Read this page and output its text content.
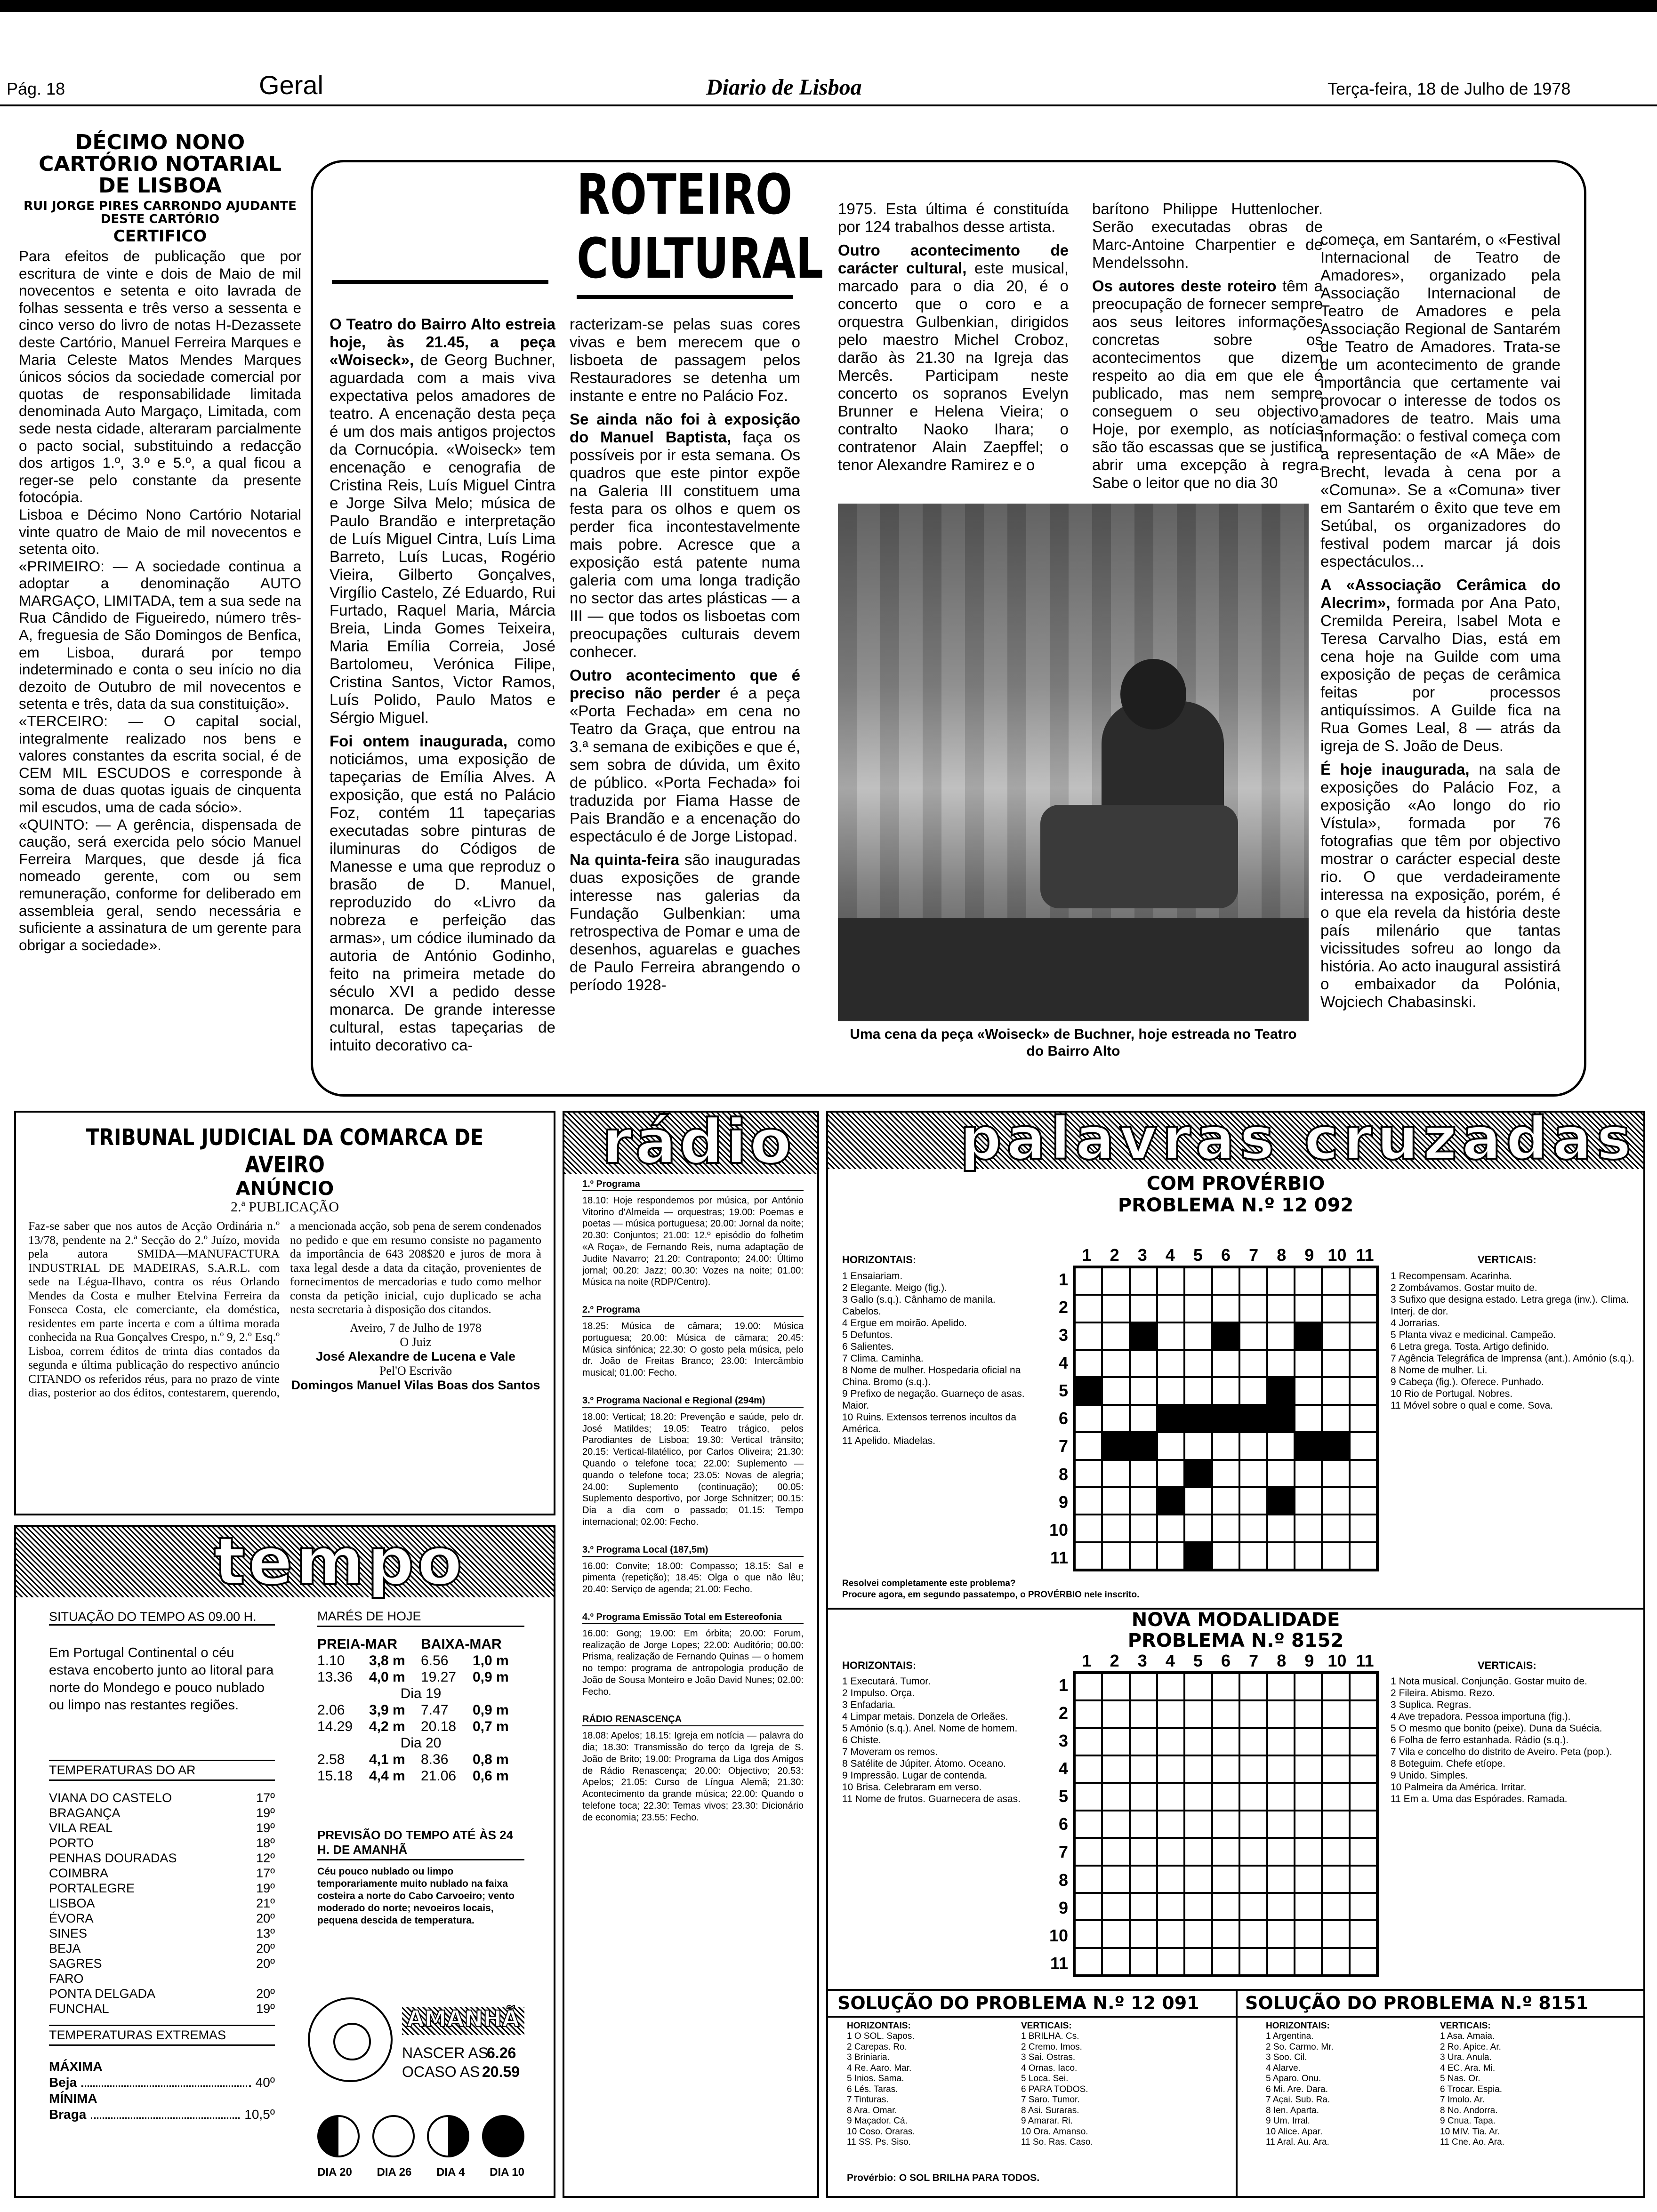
Pág. 18	Geral	Diario de Lisboa	Terça-feira, 18 de Julho de 1978
DÉCIMO NONO
CARTÓRIO NOTARIAL
DE LISBOA
RUI JORGE PIRES CARRONDO AJUDANTE DESTE CARTÓRIO
CERTIFICO

Para efeitos de publicação que por escritura de vinte e dois de Maio de mil novecentos e setenta e oito lavrada de folhas sessenta e três verso a sessenta e cinco verso do livro de notas H-Dezassete deste Cartório, Manuel Ferreira Marques e Maria Celeste Matos Mendes Marques únicos sócios da sociedade comercial por quotas de responsabilidade limitada denominada Auto Margaço, Limitada, com sede nesta cidade, alteraram parcialmente o pacto social, substituindo a redacção dos artigos 1.º, 3.º e 5.º, a qual ficou a reger-se pelo constante da presente fotocópia.

Lisboa e Décimo Nono Cartório Notarial vinte quatro de Maio de mil novecentos e setenta oito.

«PRIMEIRO: — A sociedade continua a adoptar a denominação AUTO MARGAÇO, LIMITADA, tem a sua sede na Rua Cândido de Figueiredo, número três-A, freguesia de São Domingos de Benfica, em Lisboa, durará por tempo indeterminado e conta o seu início no dia dezoito de Outubro de mil novecentos e setenta e três, data da sua constituição».

«TERCEIRO: — O capital social, integralmente realizado nos bens e valores constantes da escrita social, é de CEM MIL ESCUDOS e corresponde à soma de duas quotas iguais de cinquenta mil escudos, uma de cada sócio».

«QUINTO: — A gerência, dispensada de caução, será exercida pelo sócio Manuel Ferreira Marques, que desde já fica nomeado gerente, com ou sem remuneração, conforme for deliberado em assembleia geral, sendo necessária e suficiente a assinatura de um gerente para obrigar a sociedade».

ROTEIRO
CULTURAL

O Teatro do Bairro Alto estreia hoje, às 21.45, a peça «Woiseck», de Georg Buchner, aguardada com a mais viva expectativa pelos amadores de teatro. A encenação desta peça é um dos mais antigos projectos da Cornucópia. «Woiseck» tem encenação e cenografia de Cristina Reis, Luís Miguel Cintra e Jorge Silva Melo; música de Paulo Brandão e interpretação de Luís Miguel Cintra, Luís Lima Barreto, Luís Lucas, Rogério Vieira, Gilberto Gonçalves, Virgílio Castelo, Zé Eduardo, Rui Furtado, Raquel Maria, Márcia Breia, Linda Gomes Teixeira, Maria Emília Correia, José Bartolomeu, Verónica Filipe, Cristina Santos, Victor Ramos, Luís Polido, Paulo Matos e Sérgio Miguel.

Foi ontem inaugurada, como noticiámos, uma exposição de tapeçarias de Emília Alves. A exposição, que está no Palácio Foz, contém 11 tapeçarias executadas sobre pinturas de iluminuras do Códigos de Manesse e uma que reproduz o brasão de D. Manuel, reproduzido do «Livro da nobreza e perfeição das armas», um códice iluminado da autoria de António Godinho, feito na primeira metade do século XVI a pedido desse monarca. De grande interesse cultural, estas tapeçarias de intuito decorativo ca-

racterizam-se pelas suas cores vivas e bem merecem que o lisboeta de passagem pelos Restauradores se detenha um instante e entre no Palácio Foz.

Se ainda não foi à exposição do Manuel Baptista, faça os possíveis por ir esta semana. Os quadros que este pintor expõe na Galeria III constituem uma festa para os olhos e quem os perder fica incontestavelmente mais pobre. Acresce que a exposição está patente numa galeria com uma longa tradição no sector das artes plásticas — a III — que todos os lisboetas com preocupações culturais devem conhecer.

Outro acontecimento que é preciso não perder é a peça «Porta Fechada» em cena no Teatro da Graça, que entrou na 3.ª semana de exibições e que é, sem sobra de dúvida, um êxito de público. «Porta Fechada» foi traduzida por Fiama Hasse de Pais Brandão e a encenação do espectáculo é de Jorge Listopad.

Na quinta-feira são inauguradas duas exposições de grande interesse nas galerias da Fundação Gulbenkian: uma retrospectiva de Pomar e uma de desenhos, aguarelas e guaches de Paulo Ferreira abrangendo o período 1928-

1975. Esta última é constituída por 124 trabalhos desse artista.

Outro acontecimento de carácter cultural, este musical, marcado para o dia 20, é o concerto que o coro e a orquestra Gulbenkian, dirigidos pelo maestro Michel Croboz, darão às 21.30 na Igreja das Mercês. Participam neste concerto os sopranos Evelyn Brunner e Helena Vieira; o contralto Naoko Ihara; o contratenor Alain Zaepffel; o tenor Alexandre Ramirez e o

barítono Philippe Huttenlocher. Serão executadas obras de Marc-Antoine Charpentier e de Mendelssohn.

Os autores deste roteiro têm a preocupação de fornecer sempre aos seus leitores informações concretas sobre os acontecimentos que dizem respeito ao dia em que ele é publicado, mas nem sempre conseguem o seu objectivo. Hoje, por exemplo, as notícias são tão escassas que se justifica abrir uma excepção à regra. Sabe o leitor que no dia 30

Uma cena da peça «Woiseck» de Buchner, hoje estreada no Teatro do Bairro Alto

começa, em Santarém, o «Festival Internacional de Teatro de Amadores», organizado pela Associação Internacional de Teatro de Amadores e pela Associação Regional de Santarém de Teatro de Amadores. Trata-se de um acontecimento de grande importância que certamente vai provocar o interesse de todos os amadores de teatro. Mais uma informação: o festival começa com a representação de «A Mãe» de Brecht, levada à cena por a «Comuna». Se a «Comuna» tiver em Santarém o êxito que teve em Setúbal, os organizadores do festival podem marcar já dois espectáculos...

A «Associação Cerâmica do Alecrim», formada por Ana Pato, Cremilda Pereira, Isabel Mota e Teresa Carvalho Dias, está em cena hoje na Guilde com uma exposição de peças de cerâmica feitas por processos antiquíssimos. A Guilde fica na Rua Gomes Leal, 8 — atrás da igreja de S. João de Deus.

É hoje inaugurada, na sala de exposições do Palácio Foz, a exposição «Ao longo do rio Vístula», formada por 76 fotografias que têm por objectivo mostrar o carácter especial deste rio. O que verdadeiramente interessa na exposição, porém, é o que ela revela da história deste país milenário que tantas vicissitudes sofreu ao longo da história. Ao acto inaugural assistirá o embaixador da Polónia, Wojciech Chabasinski.

TRIBUNAL JUDICIAL DA COMARCA DE AVEIRO
ANÚNCIO
2.ª PUBLICAÇÃO
Faz-se saber que nos autos de Acção Ordinária n.º 13/78, pendente na 2.ª Secção do 2.º Juízo, movida pela autora SMIDA—MANUFACTURA INDUSTRIAL DE MADEIRAS, S.A.R.L. com sede na Légua-Ilhavo, contra os réus Orlando Mendes da Costa e mulher Etelvina Ferreira da Fonseca Costa, ele comerciante, ela doméstica, residentes em parte incerta e com a última morada conhecida na Rua Gonçalves Crespo, n.º 9, 2.º Esq.º Lisboa, correm éditos de trinta dias contados da segunda e última publicação do respectivo anúncio CITANDO os referidos réus, para no prazo de vinte dias, posterior ao dos éditos, contestarem, querendo,
a mencionada acção, sob pena de serem condenados no pedido e que em resumo consiste no pagamento da importância de 643 208$20 e juros de mora à taxa legal desde a data da citação, provenientes de fornecimentos de mercadorias e tudo como melhor consta da petição inicial, cujo duplicado se acha nesta secretaria à disposição dos citandos.
Aveiro, 7 de Julho de 1978
O Juiz
José Alexandre de Lucena e Vale
Pel'O Escrivão
Domingos Manuel Vilas Boas dos Santos
tempo
SITUAÇÃO DO TEMPO AS 09.00 H.
Em Portugal Continental o céu estava encoberto junto ao litoral para norte do Mondego e pouco nublado ou limpo nas restantes regiões.
TEMPERATURAS DO AR
VIANA DO CASTELO	17º
BRAGANÇA	19º
VILA REAL	19º
PORTO	18º
PENHAS DOURADAS	12º
COIMBRA	17º
PORTALEGRE	19º
LISBOA	21º
ÉVORA	20º
SINES	13º
BEJA	20º
SAGRES	20º
FARO
PONTA DELGADA	20º
FUNCHAL	19º
TEMPERATURAS EXTREMAS
MÁXIMA
Beja	40º
MÍNIMA
Braga	10,5º
MARÉS DE HOJE
PREIA-MAR	BAIXA-MAR
1.10	3,8 m	6.56	1,0 m
13.36	4,0 m	19.27	0,9 m
Dia 19
2.06	3,9 m	7.47	0,9 m
14.29	4,2 m	20.18	0,7 m
Dia 20
2.58	4,1 m	8.36	0,8 m
15.18	4,4 m	21.06	0,6 m
PREVISÃO DO TEMPO ATÉ ÀS 24 H. DE AMANHÃ
Céu pouco nublado ou limpo temporariamente muito nublado na faixa costeira a norte do Cabo Carvoeiro; vento moderado do norte; nevoeiros locais, pequena descida de temperatura.
AMANHÃ
NASCER AS
6.26
OCASO AS 20.59
DIA 20 DIA 26 DIA 4 DIA 10
rádio
1.º Programa
18.10: Hoje respondemos por música, por António Vitorino d'Almeida — orquestras; 19.00: Poemas e poetas — música portuguesa; 20.00: Jornal da noite; 20.30: Conjuntos; 21.00: 12.º episódio do folhetim «A Roça», de Fernando Reis, numa adaptação de Judite Navarro; 21.20: Contraponto; 24.00: Último jornal; 00.20: Jazz; 00.30: Vozes na noite; 01.00: Música na noite (RDP/Centro).
2.º Programa
18.25: Música de câmara; 19.00: Música portuguesa; 20.00: Música de câmara; 20.45: Música sinfónica; 22.30: O gosto pela música, pelo dr. João de Freitas Branco; 23.00: Intercâmbio musical; 01.00: Fecho.
3.º Programa Nacional e Regional (294m)
18.00: Vertical; 18.20: Prevenção e saúde, pelo dr. José Matildes; 19.05: Teatro trágico, pelos Parodiantes de Lisboa; 19.30: Vertical trânsito; 20.15: Vertical-filatélico, por Carlos Oliveira; 21.30: Quando o telefone toca; 22.00: Suplemento — quando o telefone toca; 23.05: Novas de alegria; 24.00: Suplemento (continuação); 00.05: Suplemento desportivo, por Jorge Schnitzer; 00.15: Dia a dia com o passado; 01.15: Tempo internacional; 02.00: Fecho.
3.º Programa Local (187,5m)
16.00: Convite; 18.00: Compasso; 18.15: Sal e pimenta (repetição); 18.45: Olga o que não lêu; 20.40: Serviço de agenda; 21.00: Fecho.
4.º Programa Emissão Total em Estereofonia
16.00: Gong; 19.00: Em órbita; 20.00: Forum, realização de Jorge Lopes; 22.00: Auditório; 00.00: Prisma, realização de Fernando Quinas — o homem no tempo: programa de antropologia produção de João de Sousa Monteiro e João David Nunes; 02.00: Fecho.
RÁDIO RENASCENÇA
18.08: Apelos; 18.15: Igreja em notícia — palavra do dia; 18.30: Transmissão do terço da Igreja de S. João de Brito; 19.00: Programa da Liga dos Amigos de Rádio Renascença; 20.00: Objectivo; 20.53: Apelos; 21.05: Curso de Língua Alemã; 21.30: Acontecimento da grande música; 22.00: Quando o telefone toca; 22.30: Temas vivos; 23.30: Dicionário de economia; 23.55: Fecho.
palavras cruzadas
COM PROVÉRBIO
PROBLEMA N.º 12 092
HORIZONTAIS:	VERTICAIS:
1	2	3	4	5	6	7	8	9 10 11
1
2
3
4
5
6
7
8
9
10
11
1 Ensaiariam.
2 Elegante. Meigo (fig.).
3 Gallo (s.q.). Cânhamo de manila. Cabelos.
4 Ergue em moirão. Apelido.
5 Defuntos.
6 Salientes.
7 Clima. Caminha.
8 Nome de mulher. Hospedaria oficial na China. Bromo (s.q.).
9 Prefixo de negação. Guarneço de asas. Maior.
10 Ruins. Extensos terrenos incultos da América.
11 Apelido. Miadelas.
1 Recompensam. Acarinha.
2 Zombávamos. Gostar muito de.
3 Sufixo que designa estado. Letra grega (inv.). Clima. Interj. de dor.
4 Jorrarias.
5 Planta vivaz e medicinal. Campeão.
6 Letra grega. Tosta. Artigo definido.
7 Agência Telegráfica de Imprensa (ant.). Amónio (s.q.).
8 Nome de mulher. Li.
9 Cabeça (fig.). Oferece. Punhado.
10 Rio de Portugal. Nobres.
11 Móvel sobre o qual e come. Sova.
Resolvei completamente este problema?
Procure agora, em segundo passatempo, o PROVÉRBIO nele inscrito.
NOVA MODALIDADE
PROBLEMA N.º 8152
HORIZONTAIS:	VERTICAIS:
1	2	3	4	5	6	7	8	9 10 11
1
2
3
4
5
6
7
8
9
10
11
1 Executará. Tumor.
2 Impulso. Orça.
3 Enfadaria.
4 Limpar metais. Donzela de Orleães.
5 Amónio (s.q.). Anel. Nome de homem.
6 Chiste.
7 Moveram os remos.
8 Satélite de Júpiter. Átomo. Oceano.
9 Impressão. Lugar de contenda.
10 Brisa. Celebraram em verso.
11 Nome de frutos. Guarnecera de asas.
1 Nota musical. Conjunção. Gostar muito de.
2 Fileira. Abismo. Rezo.
3 Suplica. Regras.
4 Ave trepadora. Pessoa importuna (fig.).
5 O mesmo que bonito (peixe). Duna da Suécia.
6 Folha de ferro estanhada. Rádio (s.q.).
7 Vila e concelho do distrito de Aveiro. Peta (pop.).
8 Boteguim. Chefe etíope.
9 Unido. Simples.
10 Palmeira da América. Irritar.
11 Em a. Uma das Espórades. Ramada.
SOLUÇÃO DO PROBLEMA N.º 12 091	SOLUÇÃO DO PROBLEMA N.º 8151
HORIZONTAIS:	VERTICAIS:	HORIZONTAIS:	VERTICAIS:
1 O SOL. Sapos.
2 Carepas. Ro.
3 Briniaria.
4 Re. Aaro. Mar.
5 Inios. Sama.
6 Lés. Taras.
7 Tinturas.
8 Ara. Omar.
9 Maçador. Cá.
10 Coso. Oraras.
11 SS. Ps. Siso.
1 BRILHA. Cs.
2 Cremo. Imos.
3 Sai. Ostras.
4 Ornas. Iaco.
5 Loca. Sei.
6 PARA TODOS.
7 Saro. Tumor.
8 Asi. Suraras.
9 Amarar. Ri.
10 Ora. Amanso.
11 So. Ras. Caso.
1 Argentina.
2 So. Carmo. Mr.
3 Soo. Cil.
4 Alarve.
5 Aparo. Onu.
6 Mi. Are. Dara.
7 Açai. Sub. Ra.
8 Ien. Aparta.
9 Um. Irral.
10 Alice. Apar.
11 Aral. Au. Ara.
1 Asa. Amaia.
2 Ro. Apice. Ar.
3 Ura. Anula.
4 EC. Ara. Mi.
5 Nas. Or.
6 Trocar. Espia.
7 Imolo. Ar.
8 No. Andorra.
9 Cnua. Tapa.
10 MIV. Tia. Ar.
11 Cne. Ao. Ara.
Provérbio: O SOL BRILHA PARA TODOS.
